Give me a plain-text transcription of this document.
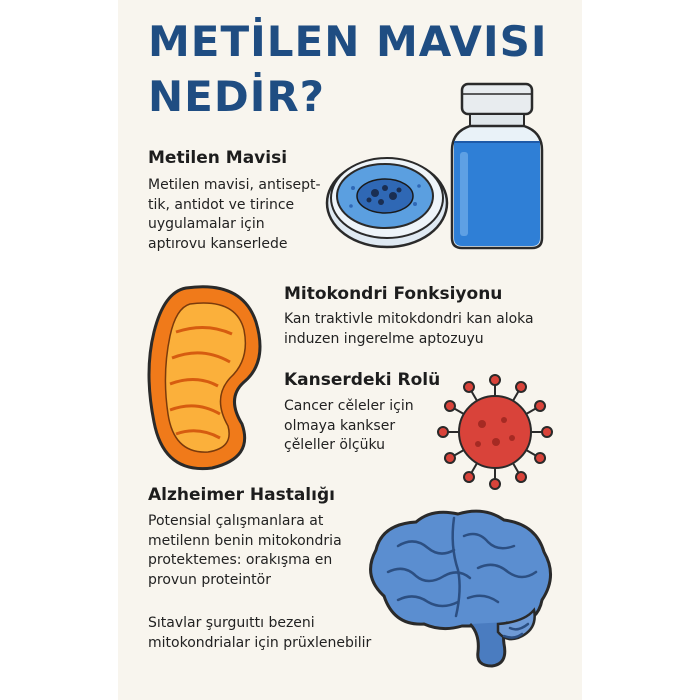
METİLEN MAVISI
NEDİR?
Metilen Mavisi
Metilen mavisi, antisept-
tik, antidot ve tirince
uygulamalar için
aptırovu kanserlede
Mitokondri Fonksiyonu
Kan traktivle mitokdondri kan aloka
induzen ingerelme aptozuyu
Kanserdeki Rolü
Cancer cěleler için
olmaya kankser
çěleller ölçüku
Alzheimer Hastalığı
Potensial çalışmanlara at
metilenn benin mitokondria
protektemes: orakışma en
provun proteintör
Sıtavlar şurguıttı bezeni
mitokondrialar için prüxlenebilir
